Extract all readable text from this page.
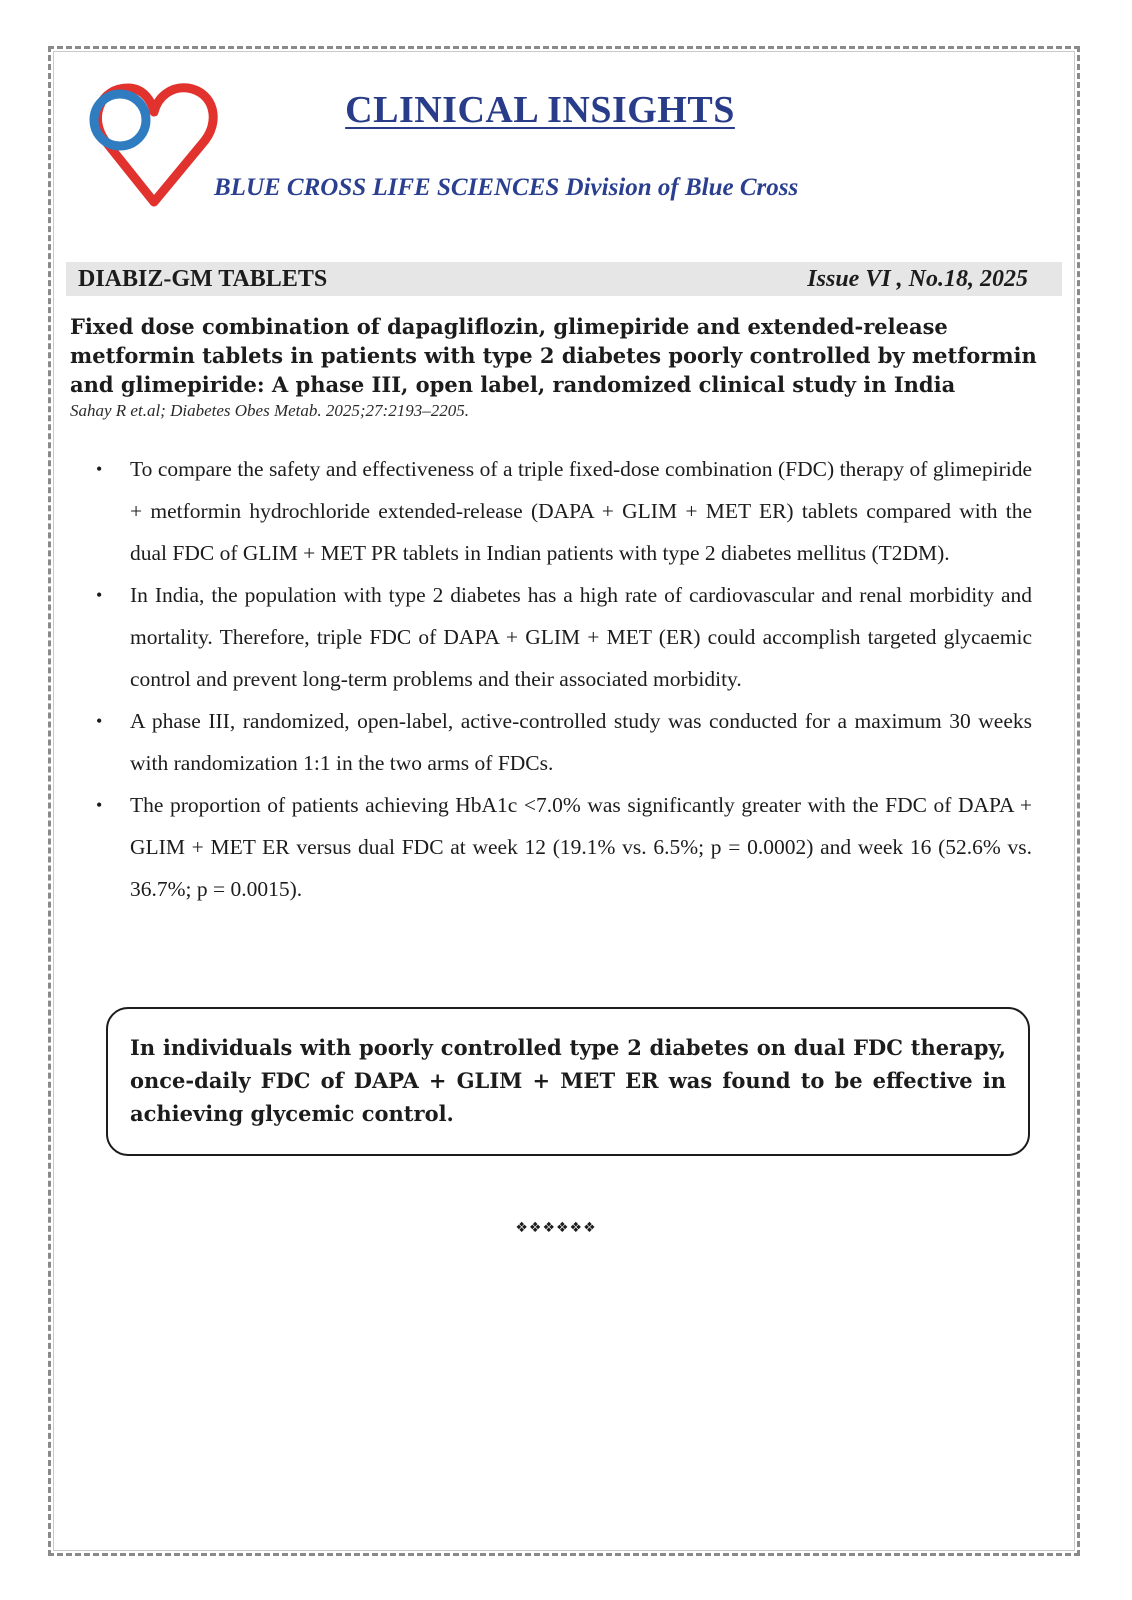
CLINICAL INSIGHTS

BLUE CROSS LIFE SCIENCES Division of Blue Cross

DIABIZ-GM TABLETS	Issue VI , No.18, 2025
Fixed dose combination of dapagliflozin, glimepiride and extended-release metformin tablets in patients with type 2 diabetes poorly controlled by metformin and glimepiride: A phase III, open label, randomized clinical study in India

Sahay R et.al; Diabetes Obes Metab. 2025;27:2193–2205.

• To compare the safety and effectiveness of a triple fixed-dose combination (FDC) therapy of glimepiride + metformin hydrochloride extended-release (DAPA + GLIM + MET ER) tablets compared with the dual FDC of GLIM + MET PR tablets in Indian patients with type 2 diabetes mellitus (T2DM).
• In India, the population with type 2 diabetes has a high rate of cardiovascular and renal morbidity and mortality. Therefore, triple FDC of DAPA + GLIM + MET (ER) could accomplish targeted glycaemic control and prevent long-term problems and their associated morbidity.
• A phase III, randomized, open-label, active-controlled study was conducted for a maximum 30 weeks with randomization 1:1 in the two arms of FDCs.
• The proportion of patients achieving HbA1c <7.0% was significantly greater with the FDC of DAPA + GLIM + MET ER versus dual FDC at week 12 (19.1% vs. 6.5%; p = 0.0002) and week 16 (52.6% vs. 36.7%; p = 0.0015).

In individuals with poorly controlled type 2 diabetes on dual FDC therapy, once-daily FDC of DAPA + GLIM + MET ER was found to be effective in achieving glycemic control.

❖❖❖❖❖❖
